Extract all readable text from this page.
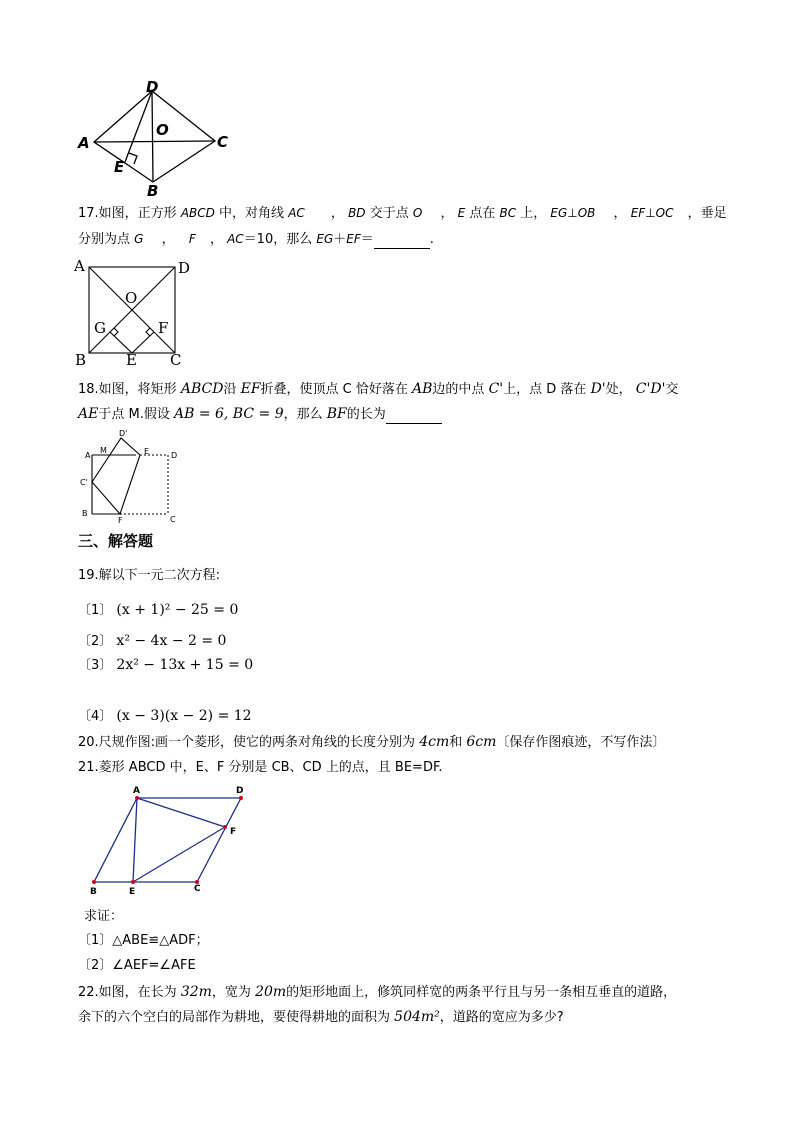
D
A	C
O
E
B
17.如图，正方形 ABCD 中，对角线 AC ， BD 交于点 O ， E 点在 BC 上， EG⊥OB ， EF⊥OC ，垂足
分别为点 G ，  F ， AC＝10，那么 EG＋EF＝	.
A	D
O
G	F
B	E C
18.如图，将矩形 ABCD沿 EF折叠，使顶点 C 恰好落在 AB边的中点 C'上，点 D 落在 D'处， C'D'交
AE于点 M.假设 AB = 6, BC = 9，那么 BF的长为
A
M
D'
E	D
C'
B
F	C
三、解答题
19.解以下一元二次方程:
〔1〕 (x + 1)² − 25 = 0
〔2〕 x² − 4x − 2 = 0
〔3〕 2x² − 13x + 15 = 0
〔4〕 (x − 3)(x − 2) = 12
20.尺规作图:画一个菱形，使它的两条对角线的长度分别为 4cm和 6cm〔保存作图痕迹，不写作法〕
21.菱形 ABCD 中，E、F 分别是 CB、CD 上的点，且 BE=DF.
A	D
F
B	E	C
求证：
〔1〕△ABE≌△ADF；
〔2〕∠AEF=∠AFE
22.如图，在长为 32m，宽为 20m的矩形地面上，修筑同样宽的两条平行且与另一条相互垂直的道路，
余下的六个空白的局部作为耕地，要使得耕地的面积为 504m²，道路的宽应为多少?
